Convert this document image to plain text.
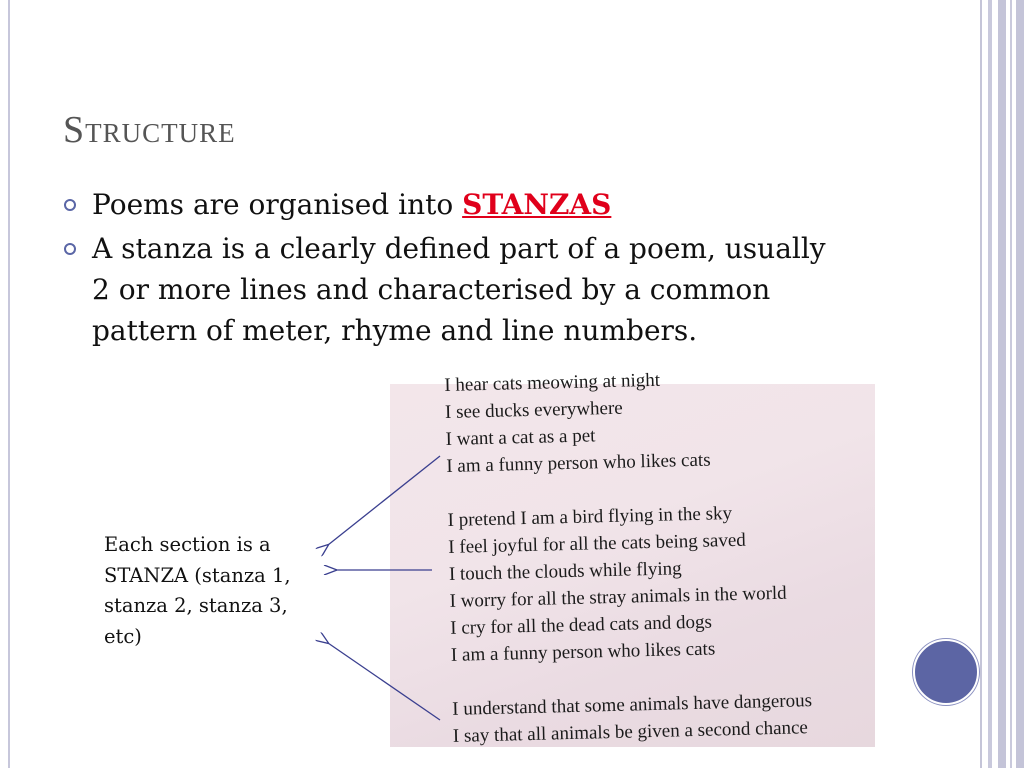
Structure
Poems are organised into STANZAS
A stanza is a clearly defined part of a poem, usually 2 or more lines and characterised by a common pattern of meter, rhyme and line numbers.
I hear cats meowing at night
I see ducks everywhere
I want a cat as a pet
I am a funny person who likes cats
I pretend I am a bird flying in the sky
I feel joyful for all the cats being saved
I touch the clouds while flying
I worry for all the stray animals in the world
I cry for all the dead cats and dogs
I am a funny person who likes cats
I understand that some animals have dangerous
I say that all animals be given a second chance
Each section is a STANZA (stanza 1, stanza 2, stanza 3, etc)
